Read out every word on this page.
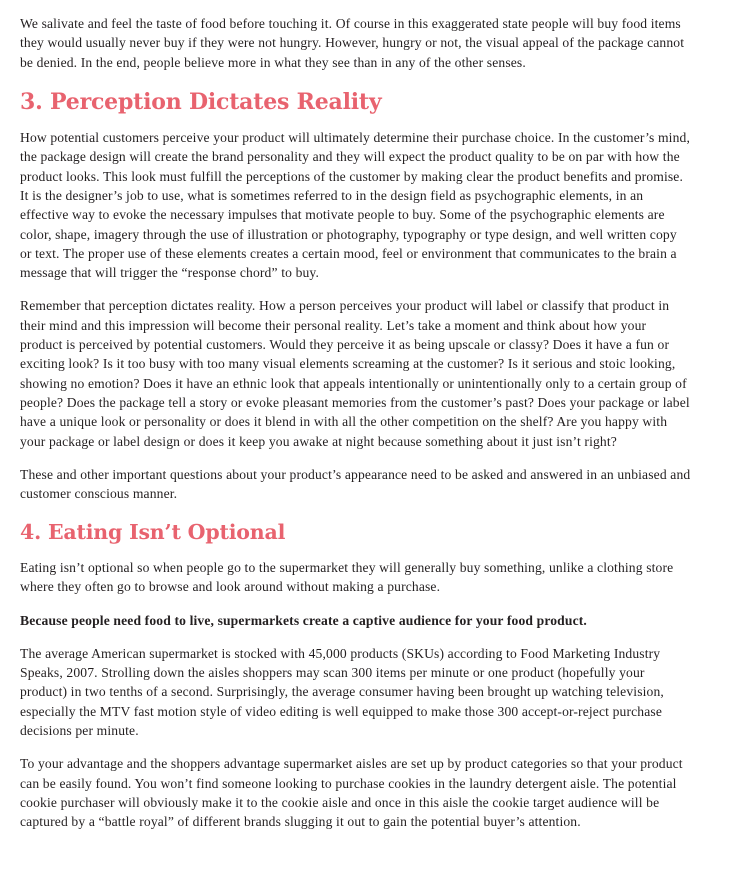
We salivate and feel the taste of food before touching it. Of course in this exaggerated state people will buy food items they would usually never buy if they were not hungry. However, hungry or not, the visual appeal of the package cannot be denied. In the end, people believe more in what they see than in any of the other senses.

3. Perception Dictates Reality

How potential customers perceive your product will ultimately determine their purchase choice. In the customer’s mind, the package design will create the brand personality and they will expect the product quality to be on par with how the product looks. This look must fulfill the perceptions of the customer by making clear the product benefits and promise. It is the designer’s job to use, what is sometimes referred to in the design field as psychographic elements, in an effective way to evoke the necessary impulses that motivate people to buy. Some of the psychographic elements are color, shape, imagery through the use of illustration or photography, typography or type design, and well written copy or text. The proper use of these elements creates a certain mood, feel or environment that communicates to the brain a message that will trigger the “response chord” to buy.

Remember that perception dictates reality. How a person perceives your product will label or classify that product in their mind and this impression will become their personal reality. Let’s take a moment and think about how your product is perceived by potential customers. Would they perceive it as being upscale or classy? Does it have a fun or exciting look? Is it too busy with too many visual elements screaming at the customer? Is it serious and stoic looking, showing no emotion? Does it have an ethnic look that appeals intentionally or unintentionally only to a certain group of people? Does the package tell a story or evoke pleasant memories from the customer’s past? Does your package or label have a unique look or personality or does it blend in with all the other competition on the shelf? Are you happy with your package or label design or does it keep you awake at night because something about it just isn’t right?

These and other important questions about your product’s appearance need to be asked and answered in an unbiased and customer conscious manner.

4. Eating Isn’t Optional

Eating isn’t optional so when people go to the supermarket they will generally buy something, unlike a clothing store where they often go to browse and look around without making a purchase.

Because people need food to live, supermarkets create a captive audience for your food product.

The average American supermarket is stocked with 45,000 products (SKUs) according to Food Marketing Industry Speaks, 2007. Strolling down the aisles shoppers may scan 300 items per minute or one product (hopefully your product) in two tenths of a second. Surprisingly, the average consumer having been brought up watching television, especially the MTV fast motion style of video editing is well equipped to make those 300 accept-or-reject purchase decisions per minute.

To your advantage and the shoppers advantage supermarket aisles are set up by product categories so that your product can be easily found. You won’t find someone looking to purchase cookies in the laundry detergent aisle. The potential cookie purchaser will obviously make it to the cookie aisle and once in this aisle the cookie target audience will be captured by a “battle royal” of different brands slugging it out to gain the potential buyer’s attention.
